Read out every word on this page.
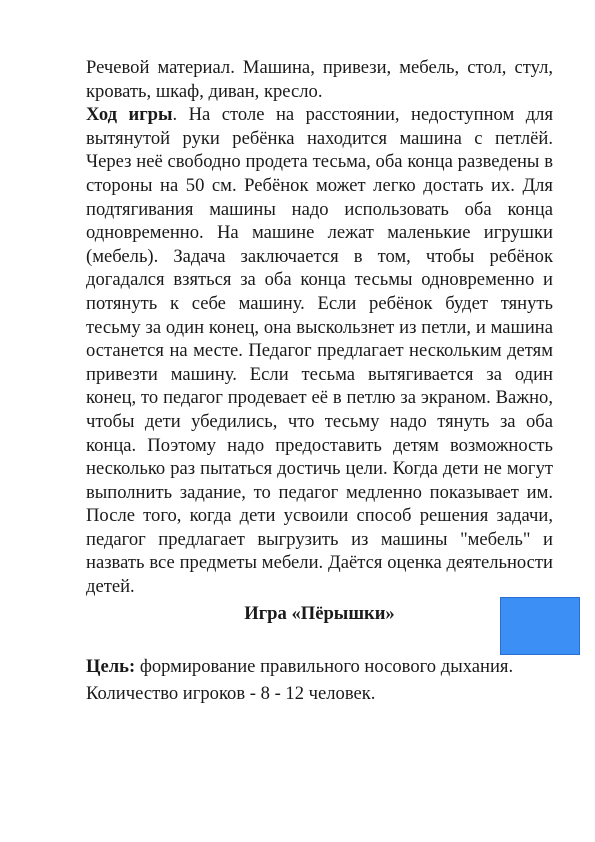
Речевой материал. Машина, привези, мебель, стол, стул, кровать, шкаф, диван, кресло.

Ход игры. На столе на расстоянии, недоступном для вытянутой руки ребёнка находится машина с петлёй. Через неё свободно продета тесьма, оба конца разведены в стороны на 50 см. Ребёнок может легко достать их. Для подтягивания машины надо использовать оба конца одновременно. На машине лежат маленькие игрушки (мебель). Задача заключается в том, чтобы ребёнок догадался взяться за оба конца тесьмы одновременно и потянуть к себе машину. Если ребёнок будет тянуть тесьму за один конец, она выскользнет из петли, и машина останется на месте. Педагог предлагает нескольким детям привезти машину. Если тесьма вытягивается за один конец, то педагог продевает её в петлю за экраном. Важно, чтобы дети убедились, что тесьму надо тянуть за оба конца. Поэтому надо предоставить детям возможность несколько раз пытаться достичь цели. Когда дети не могут выполнить задание, то педагог медленно показывает им. После того, когда дети усвоили способ решения задачи, педагог предлагает выгрузить из машины "мебель" и назвать все предметы мебели. Даётся оценка деятельности детей.

Игра «Пёрышки»

Цель: формирование правильного носового дыхания.

Количество игроков - 8 - 12 человек.
